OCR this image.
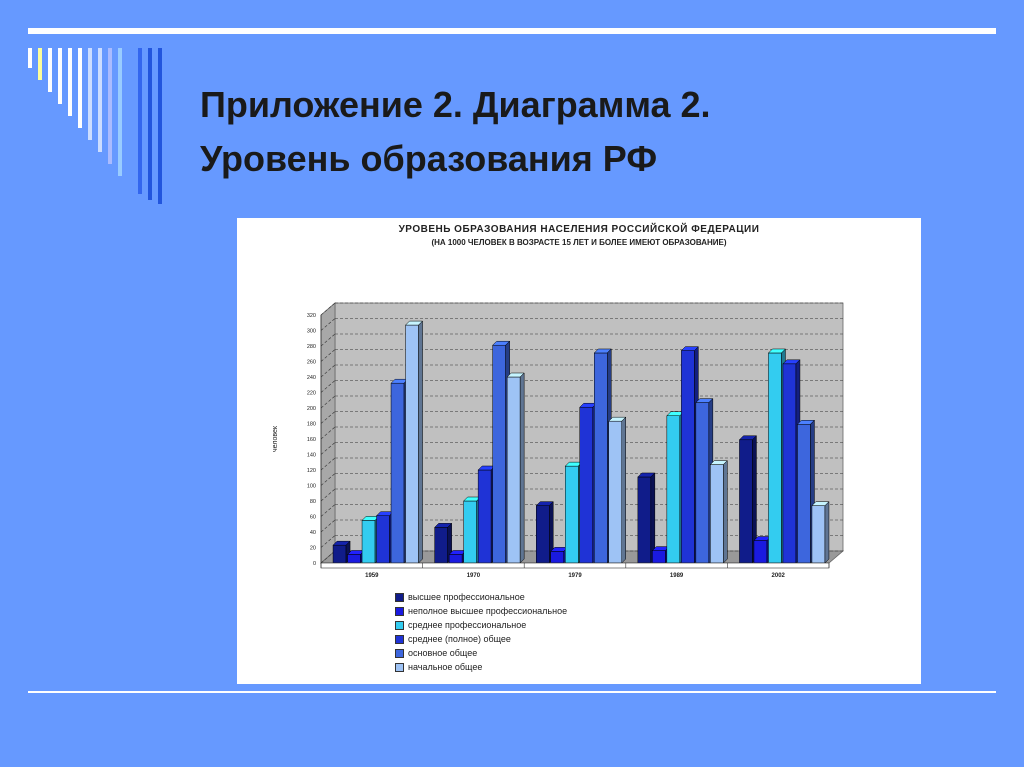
Приложение 2. Диаграмма 2.
Уровень образования РФ
УРОВЕНЬ ОБРАЗОВАНИЯ НАСЕЛЕНИЯ РОССИЙСКОЙ ФЕДЕРАЦИИ
(НА 1000 ЧЕЛОВЕК В ВОЗРАСТЕ 15 ЛЕТ И БОЛЕЕ ИМЕЮТ ОБРАЗОВАНИЕ)
0
20
40
60
80
100
120
140
160
180
200
220
240
260
280
300
320
человек
1959	1970	1979	1989	2002
высшее профессиональное
неполное высшее профессиональное
среднее профессиональное
среднее (полное) общее
основное общее
начальное общее
